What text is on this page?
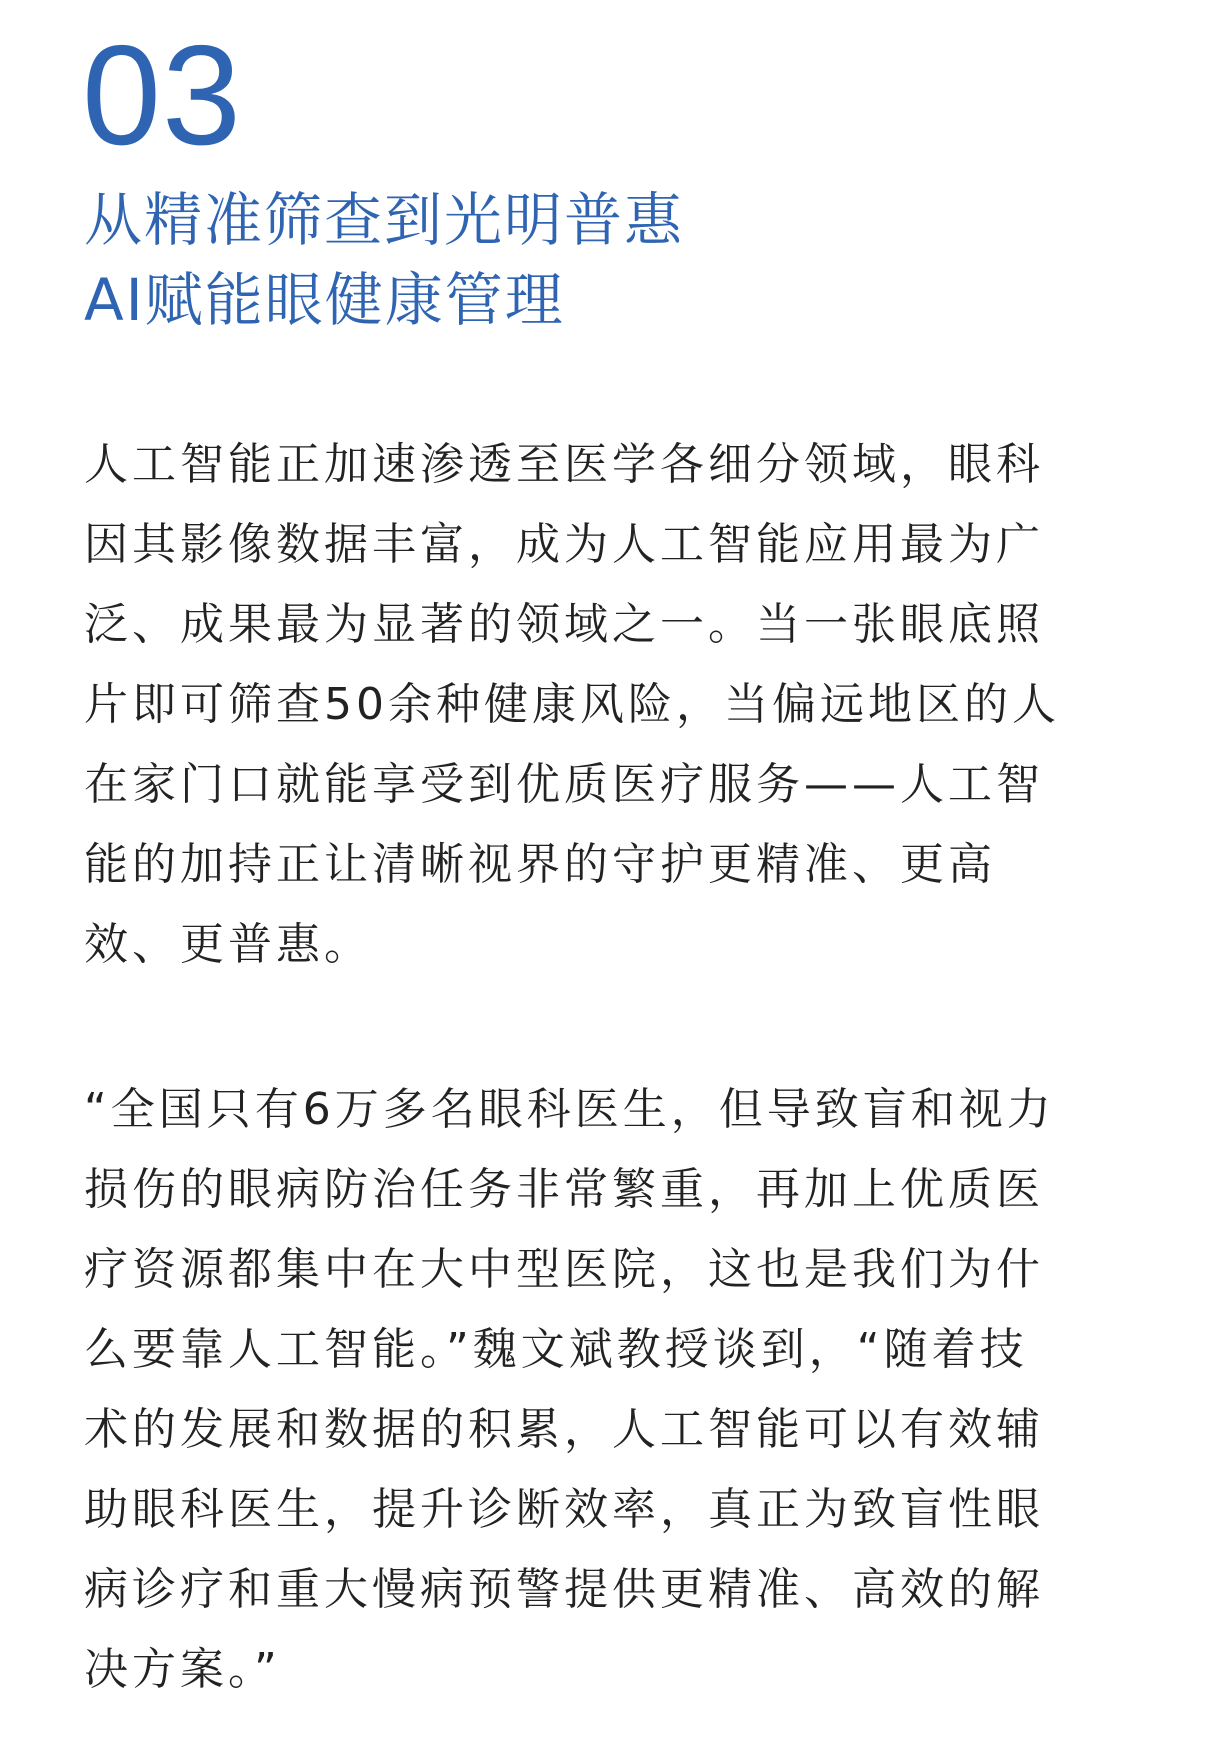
03
从精准筛查到光明普惠
AI赋能眼健康管理
人工智能正加速渗透至医学各细分领域，眼科
因其影像数据丰富，成为人工智能应用最为广
泛、成果最为显著的领域之一。当一张眼底照
片即可筛查50余种健康风险，当偏远地区的人
在家门口就能享受到优质医疗服务——人工智
能的加持正让清晰视界的守护更精准、更高
效、更普惠。
“全国只有6万多名眼科医生，但导致盲和视力
损伤的眼病防治任务非常繁重，再加上优质医
疗资源都集中在大中型医院，这也是我们为什
么要靠人工智能。”魏文斌教授谈到，“随着技
术的发展和数据的积累，人工智能可以有效辅
助眼科医生，提升诊断效率，真正为致盲性眼
病诊疗和重大慢病预警提供更精准、高效的解
决方案。”
